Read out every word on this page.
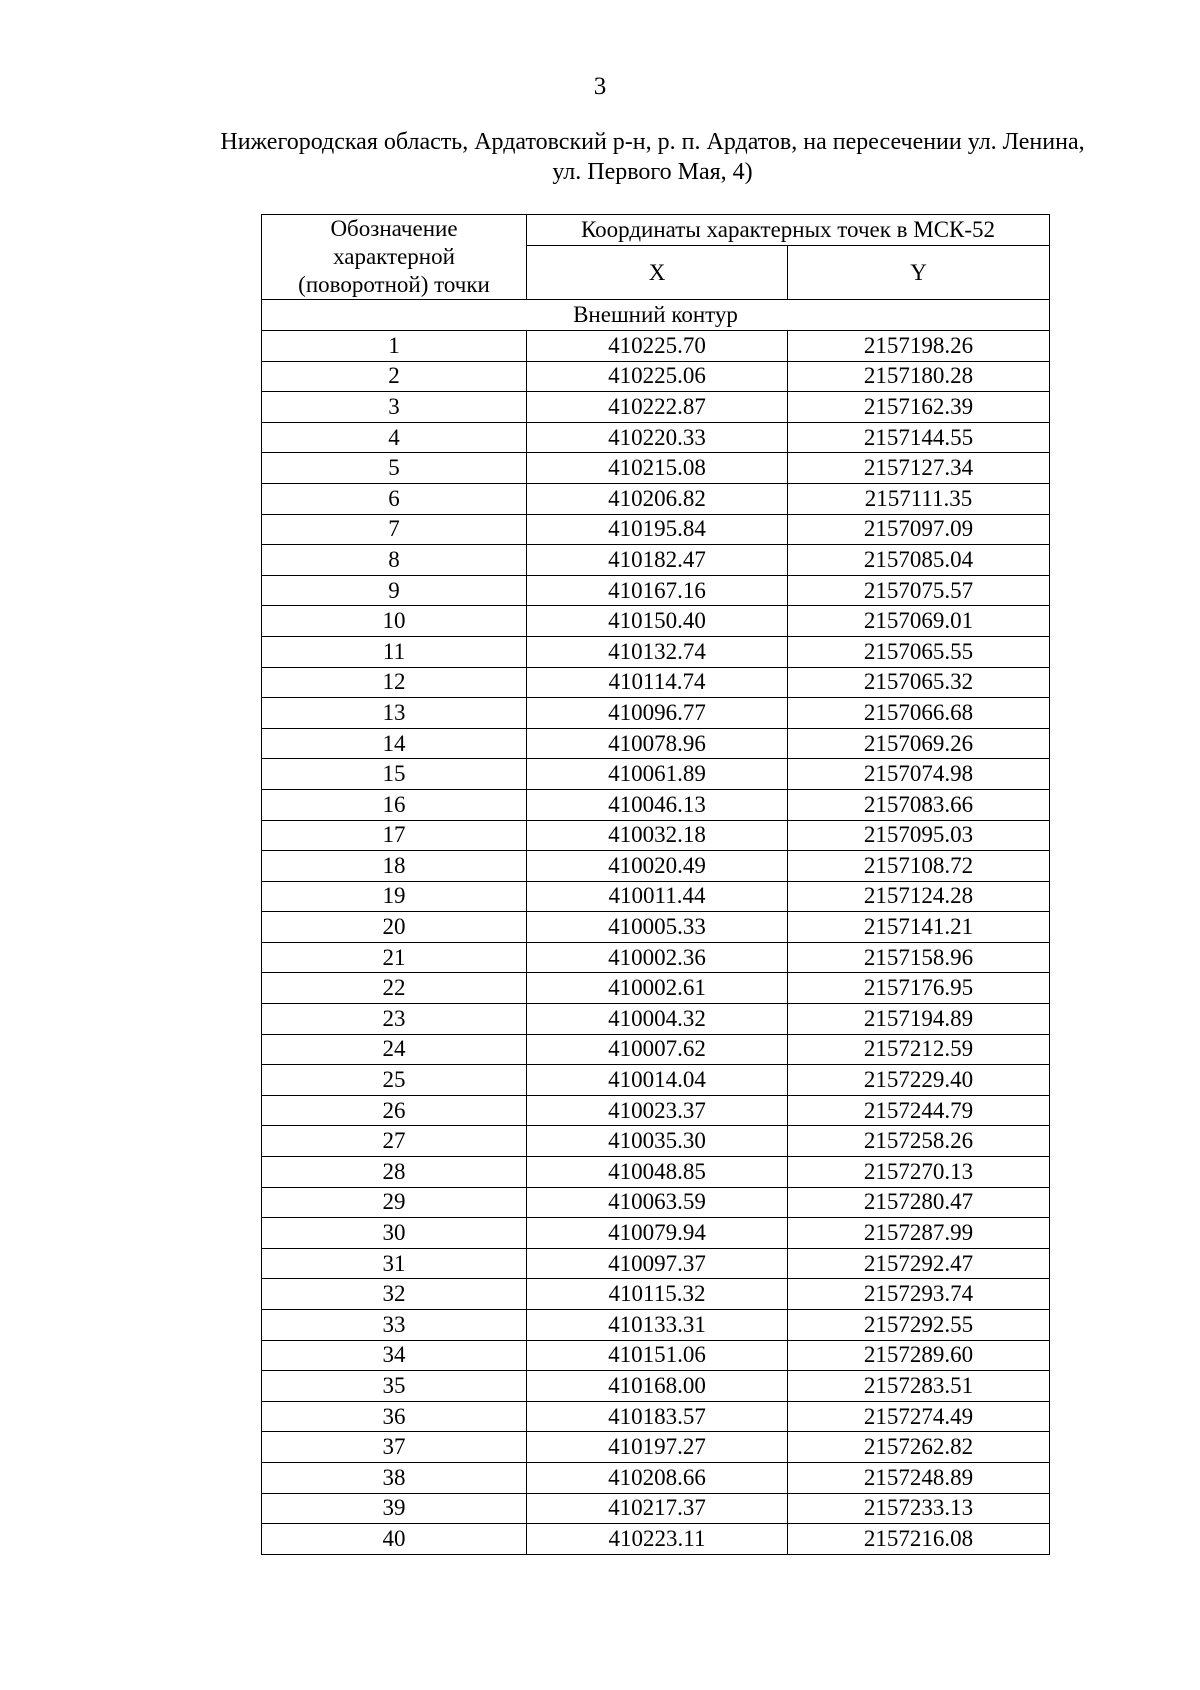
3
Нижегородская область, Ардатовский р-н, р. п. Ардатов, на пересечении ул. Ленина,
ул. Первого Мая, 4)
Обозначение
характерной
(поворотной) точки	Координаты характерных точек в МСК-52	
	X	Y
Внешний контур		
1	410225.70	2157198.26
2	410225.06	2157180.28
3	410222.87	2157162.39
4	410220.33	2157144.55
5	410215.08	2157127.34
6	410206.82	2157111.35
7	410195.84	2157097.09
8	410182.47	2157085.04
9	410167.16	2157075.57
10	410150.40	2157069.01
11	410132.74	2157065.55
12	410114.74	2157065.32
13	410096.77	2157066.68
14	410078.96	2157069.26
15	410061.89	2157074.98
16	410046.13	2157083.66
17	410032.18	2157095.03
18	410020.49	2157108.72
19	410011.44	2157124.28
20	410005.33	2157141.21
21	410002.36	2157158.96
22	410002.61	2157176.95
23	410004.32	2157194.89
24	410007.62	2157212.59
25	410014.04	2157229.40
26	410023.37	2157244.79
27	410035.30	2157258.26
28	410048.85	2157270.13
29	410063.59	2157280.47
30	410079.94	2157287.99
31	410097.37	2157292.47
32	410115.32	2157293.74
33	410133.31	2157292.55
34	410151.06	2157289.60
35	410168.00	2157283.51
36	410183.57	2157274.49
37	410197.27	2157262.82
38	410208.66	2157248.89
39	410217.37	2157233.13
40	410223.11	2157216.08
